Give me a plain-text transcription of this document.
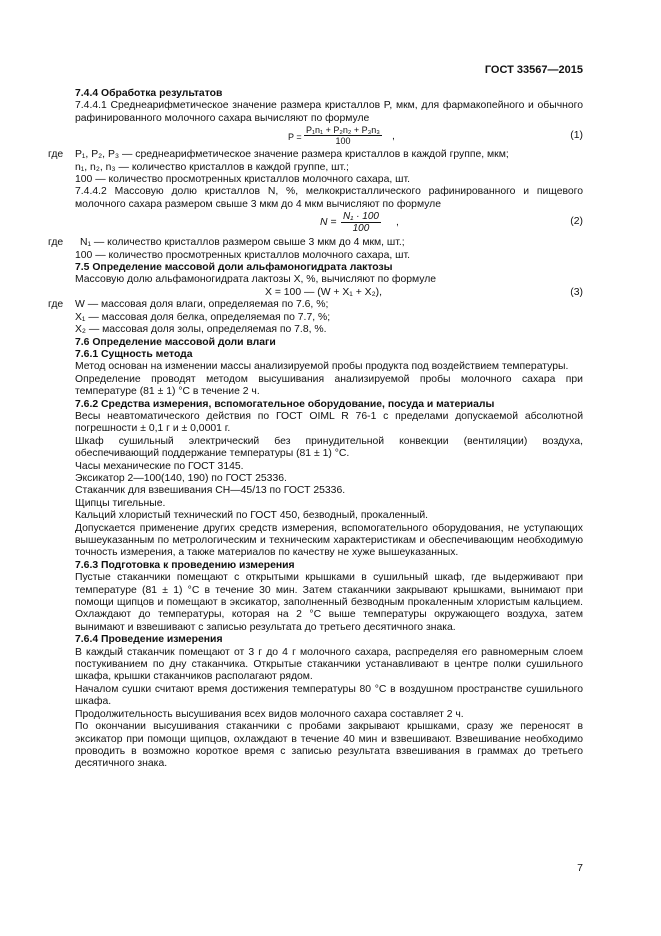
ГОСТ 33567—2015
7.4.4 Обработка результатов

7.4.4.1 Среднеарифметическое значение размера кристаллов P, мкм, для фармакопейного и обычного рафинированного молочного сахара вычисляют по формуле

$P = \frac{\text{P₁n₁ + P₂n₂ + P₃n₃}}{100}$ ,	(1)
где	P₁, P₂, P₃ — среднеарифметическое значение размера кристаллов в каждой группе, мкм;
n₁, n₂, n₃ — количество кристаллов в каждой группе, шт.;
100 — количество просмотренных кристаллов молочного сахара, шт.

7.4.4.2 Массовую долю кристаллов N, %, мелкокристаллического рафинированного и пищевого молочного сахара размером свыше 3 мкм до 4 мкм вычисляют по формуле

$N = \frac{\text{N₁ · 100}}{100}$ ,	(2)
где	N₁ — количество кристаллов размером свыше 3 мкм до 4 мкм, шт.;
100 — количество просмотренных кристаллов молочного сахара, шт.
7.5 Определение массовой доли альфамоногидрата лактозы

Массовую долю альфамоногидрата лактозы X, %, вычисляют по формуле

X = 100 — (W + X₁ + X₂),	(3)
где	W — массовая доля влаги, определяемая по 7.6, %;
X₁ — массовая доля белка, определяемая по 7.7, %;
X₂ — массовая доля золы, определяемая по 7.8, %.
7.6 Определение массовой доли влаги
7.6.1 Сущность метода

Метод основан на изменении массы анализируемой пробы продукта под воздействием температуры.

Определение проводят методом высушивания анализируемой пробы молочного сахара при температуре (81 ± 1) °С в течение 2 ч.

7.6.2 Средства измерения, вспомогательное оборудование, посуда и материалы

Весы неавтоматического действия по ГОСТ OIML R 76-1 с пределами допускаемой абсолютной погрешности ± 0,1 г и ± 0,0001 г.

Шкаф сушильный электрический без принудительной конвекции (вентиляции) воздуха, обеспечивающий поддержание температуры (81 ± 1) °С.

Часы механические по ГОСТ 3145.

Эксикатор 2—100(140, 190) по ГОСТ 25336.

Стаканчик для взвешивания СН—45/13 по ГОСТ 25336.

Щипцы тигельные.

Кальций хлористый технический по ГОСТ 450, безводный, прокаленный.

Допускается применение других средств измерения, вспомогательного оборудования, не уступающих вышеуказанным по метрологическим и техническим характеристикам и обеспечивающим необходимую точность измерения, а также материалов по качеству не хуже вышеуказанных.

7.6.3 Подготовка к проведению измерения

Пустые стаканчики помещают с открытыми крышками в сушильный шкаф, где выдерживают при температуре (81 ± 1) °С в течение 30 мин. Затем стаканчики закрывают крышками, вынимают при помощи щипцов и помещают в эксикатор, заполненный безводным прокаленным хлористым кальцием. Охлаждают до температуры, которая на 2 °С выше температуры окружающего воздуха, затем вынимают и взвешивают с записью результата до третьего десятичного знака.

7.6.4 Проведение измерения

В каждый стаканчик помещают от 3 г до 4 г молочного сахара, распределяя его равномерным слоем постукиванием по дну стаканчика. Открытые стаканчики устанавливают в центре полки сушильного шкафа, крышки стаканчиков располагают рядом.

Началом сушки считают время достижения температуры 80 °С в воздушном пространстве сушильного шкафа.

Продолжительность высушивания всех видов молочного сахара составляет 2 ч.

По окончании высушивания стаканчики с пробами закрывают крышками, сразу же переносят в эксикатор при помощи щипцов, охлаждают в течение 40 мин и взвешивают. Взвешивание необходимо проводить в возможно короткое время с записью результата взвешивания в граммах до третьего десятичного знака.

7
